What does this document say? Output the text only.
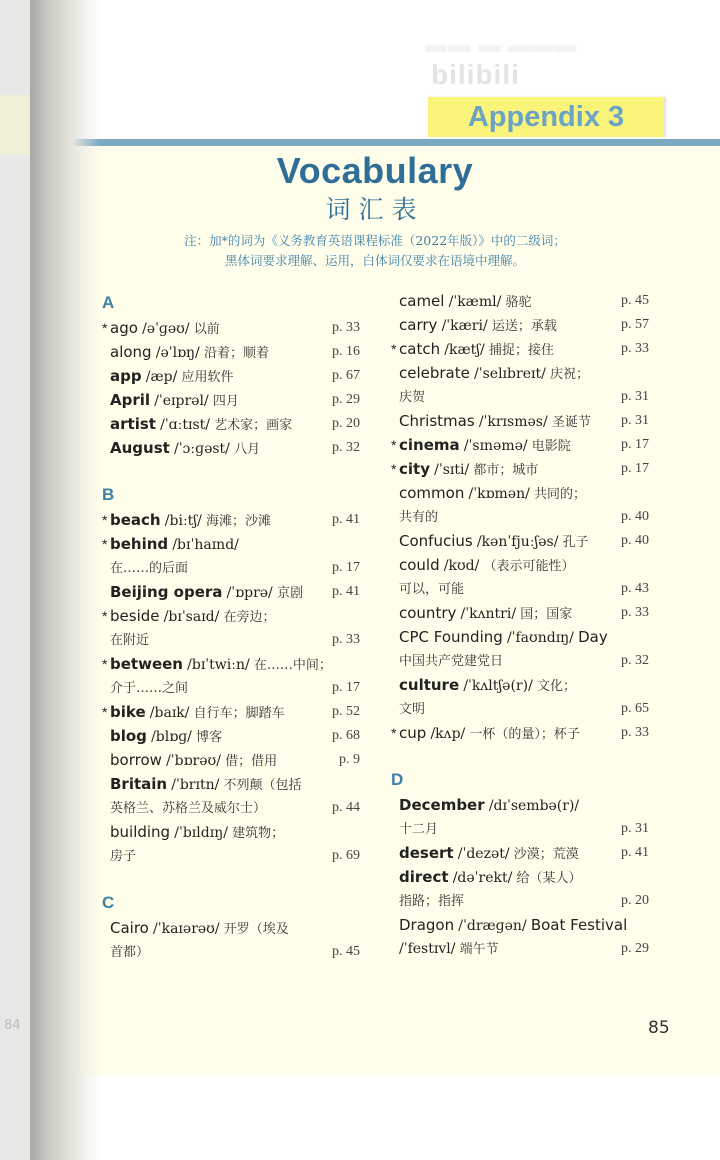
84
▬▬ ▬ ▬▬▬ bilibili
Appendix 3
Vocabulary
词汇表
注：加*的词为《义务教育英语课程标准（2022年版）》中的二级词；
黑体词要求理解、运用，白体词仅要求在语境中理解。
A
* ago /əˈɡəʊ/ 以前	p. 33
along /əˈlɒŋ/ 沿着；顺着	p. 16
app /æp/ 应用软件	p. 67
April /ˈeɪprəl/ 四月	p. 29
artist /ˈɑːtɪst/ 艺术家；画家	p. 20
August /ˈɔːɡəst/ 八月	p. 32
B
* beach /biːtʃ/ 海滩；沙滩	p. 41
* behind /bɪˈhaɪnd/
在……的后面	p. 17
Beijing opera /ˈɒprə/ 京剧 p. 41
* beside /bɪˈsaɪd/ 在旁边；
在附近	p. 33
* between /bɪˈtwiːn/ 在……中间；
介于……之间	p. 17
* bike /baɪk/ 自行车；脚踏车	p. 52
blog /blɒɡ/ 博客	p. 68
borrow /ˈbɒrəʊ/ 借；借用	p. 9
Britain /ˈbrɪtn/ 不列颠（包括
英格兰、苏格兰及威尔士）	p. 44
building /ˈbɪldɪŋ/ 建筑物；
房子	p. 69
C
Cairo /ˈkaɪərəʊ/ 开罗（埃及
首都）	p. 45
camel /ˈkæml/ 骆驼	p. 45
carry /ˈkæri/ 运送；承载	p. 57
* catch /kætʃ/ 捕捉；接住	p. 33
celebrate /ˈselɪbreɪt/ 庆祝；
庆贺	p. 31
Christmas /ˈkrɪsməs/ 圣诞节 p. 31
* cinema /ˈsɪnəmə/ 电影院	p. 17
* city /ˈsɪti/ 都市；城市	p. 17
common /ˈkɒmən/ 共同的；
共有的	p. 40
Confucius /kənˈfjuːʃəs/ 孔子 p. 40
could /kʊd/ （表示可能性）
可以，可能	p. 43
country /ˈkʌntri/ 国；国家	p. 33
CPC Founding /ˈfaʊndɪŋ/ Day
中国共产党建党日	p. 32
culture /ˈkʌltʃə(r)/ 文化；
文明	p. 65
* cup /kʌp/ 一杯（的量）；杯子	p. 33
D
December /dɪˈsembə(r)/
十二月	p. 31
desert /ˈdezət/ 沙漠；荒漠	p. 41
direct /dəˈrekt/ 给（某人）
指路；指挥	p. 20
Dragon /ˈdræɡən/ Boat Festival
/ˈfestɪvl/ 端午节	p. 29
85
